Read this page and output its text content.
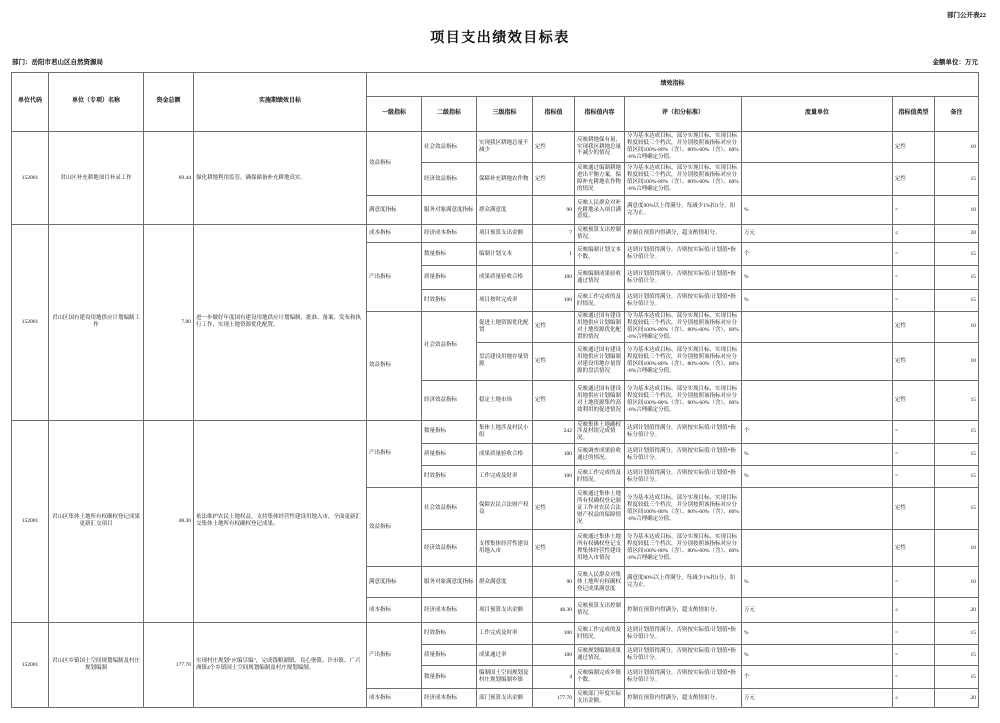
部门公开表22
项目支出绩效目标表
部门：岳阳市君山区自然资源局	金额单位：万元
单位代码	单位（专项）名称	资金总额	实施期绩效目标	绩效指标								
				一级指标	二级指标	三级指标	指标值	指标值内容	评（扣分标准）	度量单位	指标值类型	备注
152001	君山区补充耕地项目补录工作	69.44	强化耕地利用监管，确保储备补充耕地真实。	效益指标	社会效益指标	实现我区耕地总量不减少	定性	反映耕地保有量，实现我区耕地总量不减少的情况	分为基本达成目标、部分实现目标、实现目标程度较低三个档次，并分别按照该指标对应分值区间100%-80%（含）、80%-60%（含）、60%-0%合理确定分值。		定性	10
					经济效益指标	保障补充耕地农作物	定性	反映通过编制耕地进出平衡方案，保障补充耕地农作物的情况	分为基本达成目标、部分实现目标、实现目标程度较低三个档次，并分别按照该指标对应分值区间100%-80%（含）、80%-60%（含）、60%-0%合理确定分值。		定性	15
				满意度指标	服务对象满意度指标	群众满意度	90	反映人民群众对补充耕地录入项目满意度。	满意度90%以上得满分，每减少1%扣1分，扣完为止。	%	=	10
152001	君山区国有建设用地供应计划编制工作	7.00	进一步做好年度国有建设用地供应计划编制、批准、备案、发布和执行工作，实现土地资源优化配置。	成本指标	经济成本指标	项目预算支出金额	7	反映预算支出控制情况。	控制在预算内得满分，超支酌情扣分。	万元	≤	20
				产出指标	数量指标	编制计划文本	1	反映编制计划文本个数。	达到计划值得满分，否则按实际值/计划值*指标分值计分。	个	=	15
					质量指标	成果质量验收合格	100	反映编制成果验收通过情况	达到计划值得满分，否则按实际值/计划值*指标分值计分。	%	=	15
					时效指标	项目按时完成率	100	反映工作完成的及时情况。	达到计划值得满分，否则按实际值/计划值*指标分值计分。	%	=	15
				效益指标	社会效益指标	促进土地资源优化配置	定性	反映通过国有建设用地供应计划编制对土地资源优化配置的情况	分为基本达成目标、部分实现目标、实现目标程度较低三个档次，并分别按照该指标对应分值区间100%-80%（含）、80%-60%（含）、60%-0%合理确定分值。		定性	10
						盘活建设用地存量资源	定性	反映通过国有建设用地供应计划编制对建设用地存量资源的盘活情况	分为基本达成目标、部分实现目标、实现目标程度较低三个档次，并分别按照该指标对应分值区间100%-80%（含）、80%-60%（含）、60%-0%合理确定分值。		定性	10
					经济效益指标	稳定土地市场	定性	反映通过国有建设用地供应计划编制对土地资源集约高效利用的促进情况	分为基本达成目标、部分实现目标、实现目标程度较低三个档次，并分别按照该指标对应分值区间100%-80%（含）、80%-60%（含）、60%-0%合理确定分值。		定性	15
152001	君山区集体土地所有权确权登记成果更新汇交项目	48.30	依法维护农民土地权益，支持集体经营性建设用地入市，全面更新汇交集体土地所有权确权登记成果。	产出指标	数量指标	集体土地涉及村民小组	242	反映集体土地确权涉及村组完成情况。	达到计划值得满分，否则按实际值/计划值*指标分值计分。	个	=	15
					质量指标	成果质量验收合格	100	反映调查成果验收通过的情况。	达到计划值得满分，否则按实际值/计划值*指标分值计分。	%	=	15
					时效指标	工作完成及时率	100	反映工作完成的及时情况。	达到计划值得满分，否则按实际值/计划值*指标分值计分。	%	=	15
				效益指标	社会效益指标	保障农民合法财产权益	定性	反映通过集体土地所有权确权登记颁证工作对农民合法财产权益的保障情况	分为基本达成目标、部分实现目标、实现目标程度较低三个档次，并分别按照该指标对应分值区间100%-80%（含）、80%-60%（含）、60%-0%合理确定分值。		定性	15
					经济效益指标	支撑集体经营性建设用地入市	定性	反映通过集体土地所有权确权登记支撑集体经营性建设用地入市情况	分为基本达成目标、部分实现目标、实现目标程度较低三个档次，并分别按照该指标对应分值区间100%-80%（含）、80%-60%（含）、60%-0%合理确定分值。		定性	10
				满意度指标	服务对象满意度指标	群众满意度	90	反映人民群众对集体土地所有权确权登记成果满意度	满意度90%以上得满分，每减少1%扣1分，扣完为止。	%	=	10
				成本指标	经济成本指标	项目预算支出金额	48.30	反映预算支出控制情况。	控制在预算内得满分，超支酌情扣分。	万元	≤	20
152001	君山区乡镇国土空间规划编制及村庄规划编制	177.70	实现村庄规划“应编尽编”，完成钱粮湖镇、良心堡镇、许市镇、广兴洲镇4个乡镇国土空间规划编制及村庄规划编制。	产出指标	时效指标	工作完成及时率	100	反映工作完成的及时情况。	达到计划值得满分，否则按实际值/计划值*指标分值计分。	%	=	15
					质量指标	成果通过率	100	反映规划编制成果通过情况。	达到计划值得满分，否则按实际值/计划值*指标分值计分。	%	=	15
					数量指标	编制国土空间规划及村庄规划编制乡镇	4	反映编制完成乡镇个数。	达到计划值得满分，否则按实际值/计划值*指标分值计分。	个	=	15
				成本指标	经济成本指标	部门预算支出金额	177.70	反映部门年度实际支出金额。	控制在预算内得满分，超支酌情扣分。	万元	≤	20
